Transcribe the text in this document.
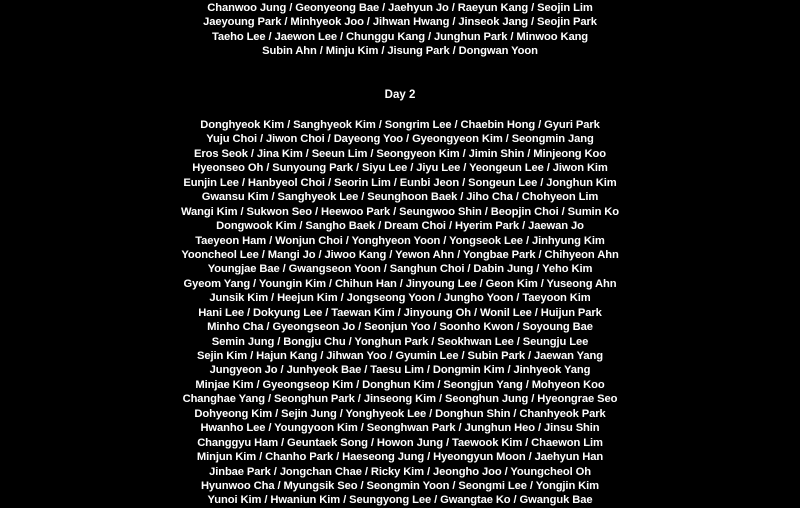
Chanwoo Jung / Geonyeong Bae / Jaehyun Jo / Raeyun Kang / Seojin Lim
Jaeyoung Park / Minhyeok Joo / Jihwan Hwang / Jinseok Jang / Seojin Park
Taeho Lee / Jaewon Lee / Chunggu Kang / Junghun Park / Minwoo Kang
Subin Ahn / Minju Kim / Jisung Park / Dongwan Yoon
Day 2
Donghyeok Kim / Sanghyeok Kim / Songrim Lee / Chaebin Hong / Gyuri Park
Yuju Choi / Jiwon Choi / Dayeong Yoo / Gyeongyeon Kim / Seongmin Jang
Eros Seok / Jina Kim / Seeun Lim / Seongyeon Kim / Jimin Shin / Minjeong Koo
Hyeonseo Oh / Sunyoung Park / Siyu Lee / Jiyu Lee / Yeongeun Lee / Jiwon Kim
Eunjin Lee / Hanbyeol Choi / Seorin Lim / Eunbi Jeon / Songeun Lee / Jonghun Kim
Gwansu Kim / Sanghyeok Lee / Seunghoon Baek / Jiho Cha / Chohyeon Lim
Wangi Kim / Sukwon Seo / Heewoo Park / Seungwoo Shin / Beopjin Choi / Sumin Ko
Dongwook Kim / Sangho Baek / Dream Choi / Hyerim Park / Jaewan Jo
Taeyeon Ham / Wonjun Choi / Yonghyeon Yoon / Yongseok Lee / Jinhyung Kim
Yooncheol Lee / Mangi Jo / Jiwoo Kang / Yewon Ahn / Yongbae Park / Chihyeon Ahn
Youngjae Bae / Gwangseon Yoon / Sanghun Choi / Dabin Jung / Yeho Kim
Gyeom Yang / Youngin Kim / Chihun Han / Jinyoung Lee / Geon Kim / Yuseong Ahn
Junsik Kim / Heejun Kim / Jongseong Yoon / Jungho Yoon / Taeyoon Kim
Hani Lee / Dokyung Lee / Taewan Kim / Jinyoung Oh / Wonil Lee / Huijun Park
Minho Cha / Gyeongseon Jo / Seonjun Yoo / Soonho Kwon / Soyoung Bae
Semin Jung / Bongju Chu / Yonghun Park / Seokhwan Lee / Seungju Lee
Sejin Kim / Hajun Kang / Jihwan Yoo / Gyumin Lee / Subin Park / Jaewan Yang
Jungyeon Jo / Junhyeok Bae / Taesu Lim / Dongmin Kim / Jinhyeok Yang
Minjae Kim / Gyeongseop Kim / Donghun Kim / Seongjun Yang / Mohyeon Koo
Changhae Yang / Seonghun Park / Jinseong Kim / Seonghun Jung / Hyeongrae Seo
Dohyeong Kim / Sejin Jung / Yonghyeok Lee / Donghun Shin / Chanhyeok Park
Hwanho Lee / Youngyoon Kim / Seonghwan Park / Junghun Heo / Jinsu Shin
Changgyu Ham / Geuntaek Song / Howon Jung / Taewook Kim / Chaewon Lim
Minjun Kim / Chanho Park / Haeseong Jung / Hyeongyun Moon / Jaehyun Han
Jinbae Park / Jongchan Chae / Ricky Kim / Jeongho Joo / Youngcheol Oh
Hyunwoo Cha / Myungsik Seo / Seongmin Yoon / Seongmi Lee / Yongjin Kim
Yunoi Kim / Hwaniun Kim / Seungyong Lee / Gwangtae Ko / Gwanguk Bae
